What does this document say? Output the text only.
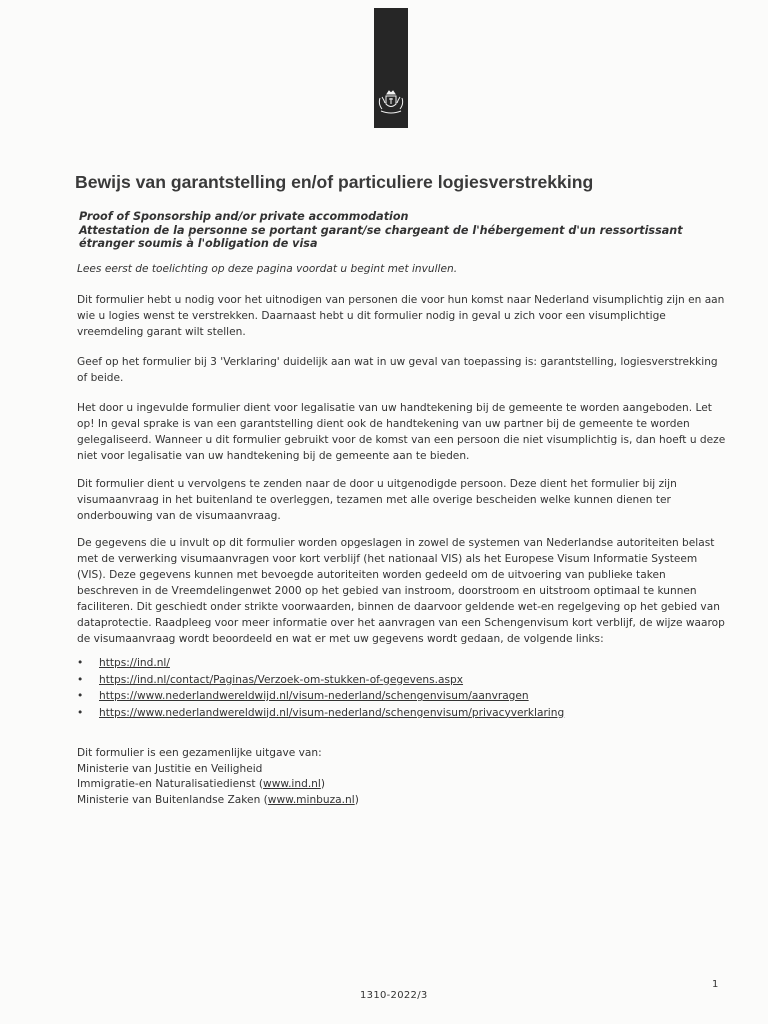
Bewijs van garantstelling en/of particuliere logiesverstrekking
Proof of Sponsorship and/or private accommodation
Attestation de la personne se portant garant/se chargeant de l'hébergement d'un ressortissant
étranger soumis à l'obligation de visa
Lees eerst de toelichting op deze pagina voordat u begint met invullen.

Dit formulier hebt u nodig voor het uitnodigen van personen die voor hun komst naar Nederland visumplichtig zijn en aan wie u logies wenst te verstrekken. Daarnaast hebt u dit formulier nodig in geval u zich voor een visumplichtige vreemdeling garant wilt stellen.

Geef op het formulier bij 3 'Verklaring' duidelijk aan wat in uw geval van toepassing is: garantstelling, logiesverstrekking of beide.

Het door u ingevulde formulier dient voor legalisatie van uw handtekening bij de gemeente te worden aangeboden. Let op! In geval sprake is van een garantstelling dient ook de handtekening van uw partner bij de gemeente te worden gelegaliseerd. Wanneer u dit formulier gebruikt voor de komst van een persoon die niet visumplichtig is, dan hoeft u deze niet voor legalisatie van uw handtekening bij de gemeente aan te bieden.

Dit formulier dient u vervolgens te zenden naar de door u uitgenodigde persoon. Deze dient het formulier bij zijn visumaanvraag in het buitenland te overleggen, tezamen met alle overige bescheiden welke kunnen dienen ter onderbouwing van de visumaanvraag.

De gegevens die u invult op dit formulier worden opgeslagen in zowel de systemen van Nederlandse autoriteiten belast met de verwerking visumaanvragen voor kort verblijf (het nationaal VIS) als het Europese Visum Informatie Systeem (VIS). Deze gegevens kunnen met bevoegde autoriteiten worden gedeeld om de uitvoering van publieke taken beschreven in de Vreemdelingenwet 2000 op het gebied van instroom, doorstroom en uitstroom optimaal te kunnen faciliteren. Dit geschiedt onder strikte voorwaarden, binnen de daarvoor geldende wet-en regelgeving op het gebied van dataprotectie. Raadpleeg voor meer informatie over het aanvragen van een Schengenvisum kort verblijf, de wijze waarop de visumaanvraag wordt beoordeeld en wat er met uw gegevens wordt gedaan, de volgende links:

• https://ind.nl/
• https://ind.nl/contact/Paginas/Verzoek-om-stukken-of-gegevens.aspx
• https://www.nederlandwereldwijd.nl/visum-nederland/schengenvisum/aanvragen
• https://www.nederlandwereldwijd.nl/visum-nederland/schengenvisum/privacyverklaring
Dit formulier is een gezamenlijke uitgave van:
Ministerie van Justitie en Veiligheid
Immigratie-en Naturalisatiedienst (www.ind.nl)
Ministerie van Buitenlandse Zaken (www.minbuza.nl)
1
1310-2022/3
